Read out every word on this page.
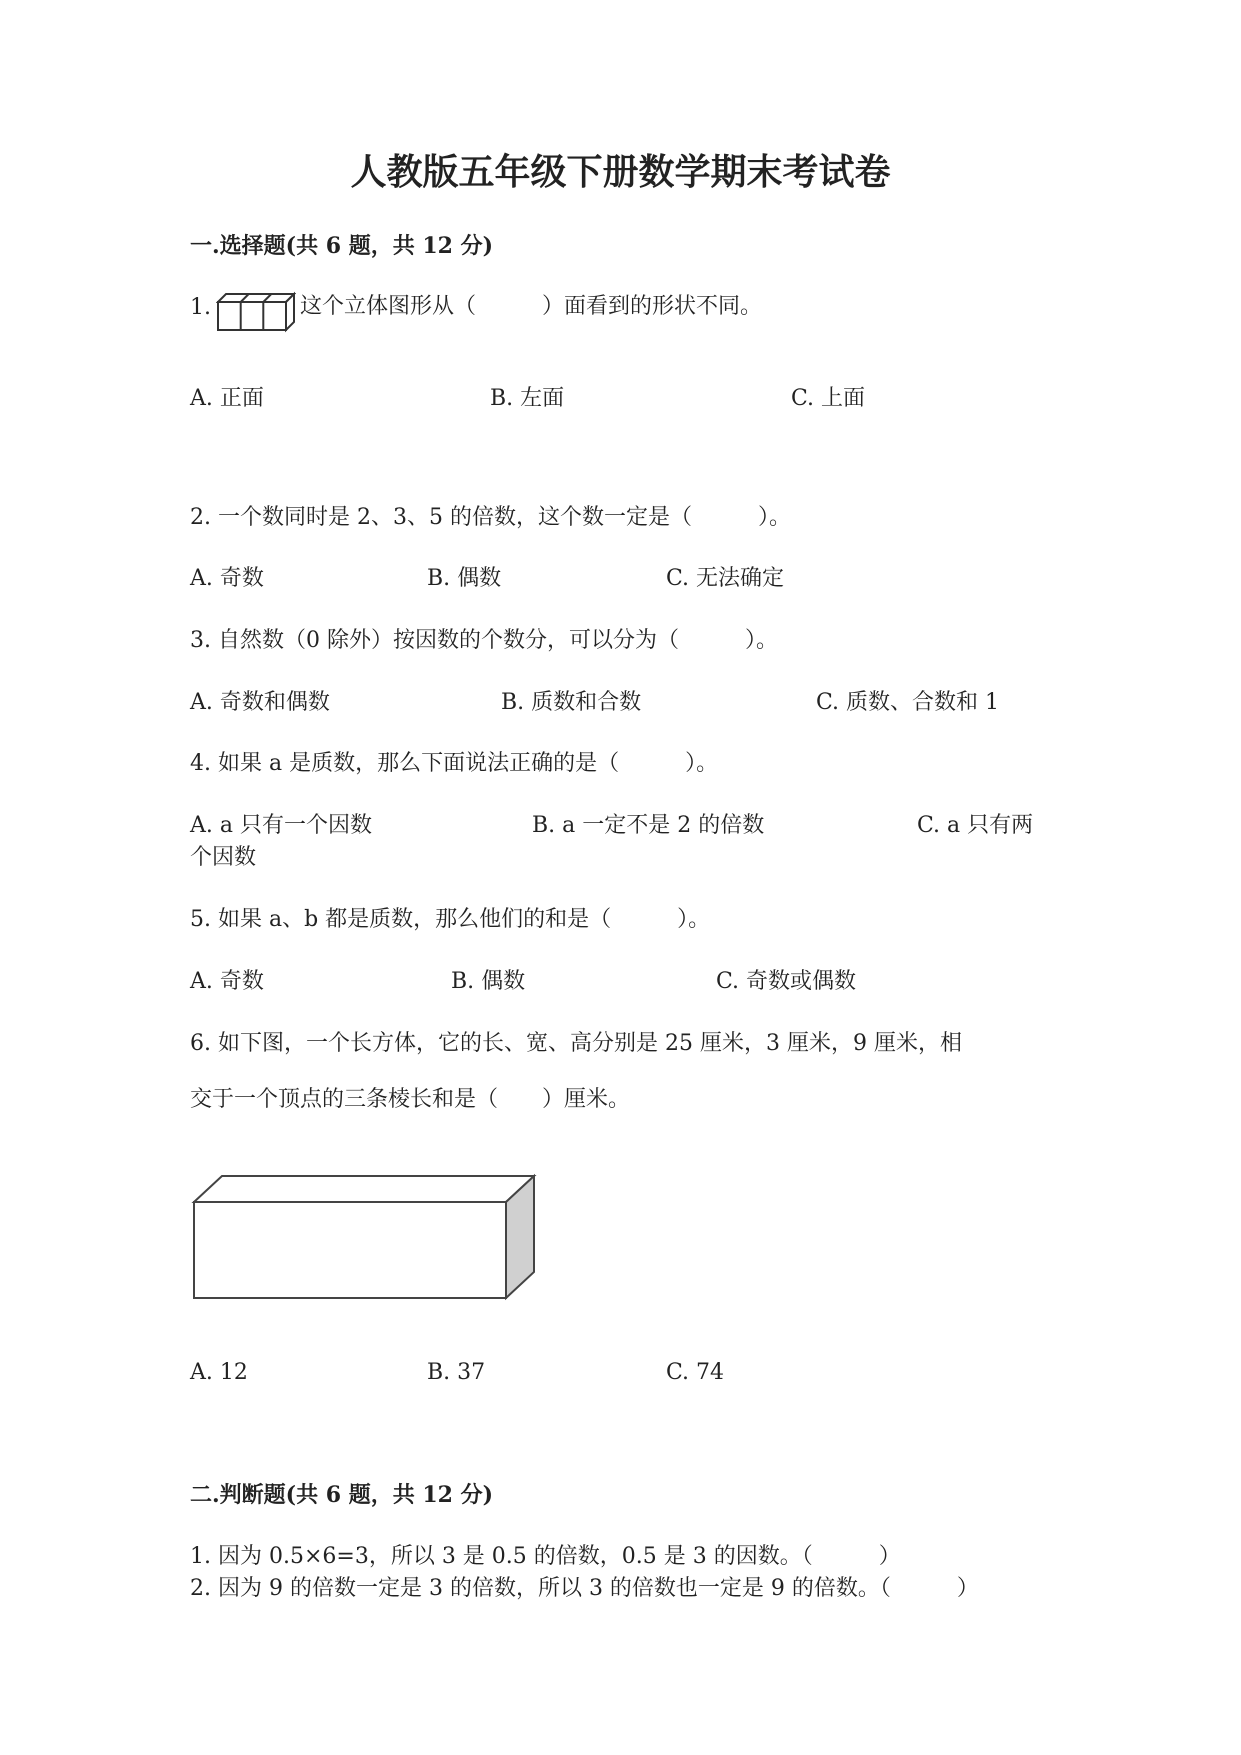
人教版五年级下册数学期末考试卷
一.选择题(共 6 题，共 12 分)
1.	这个立体图形从（　　　）面看到的形状不同。
A. 正面	B. 左面	C. 上面
2. 一个数同时是 2、3、5 的倍数，这个数一定是（　　　）。
A. 奇数	B. 偶数	C. 无法确定
3. 自然数（0 除外）按因数的个数分，可以分为（　　　）。
A. 奇数和偶数	B. 质数和合数	C. 质数、合数和 1
4. 如果 a 是质数，那么下面说法正确的是（　　　）。
A. a 只有一个因数	B. a 一定不是 2 的倍数	C. a 只有两
个因数
5. 如果 a、b 都是质数，那么他们的和是（　　　）。
A. 奇数	B. 偶数	C. 奇数或偶数
6. 如下图，一个长方体，它的长、宽、高分别是 25 厘米，3 厘米，9 厘米，相
交于一个顶点的三条棱长和是（　　）厘米。
A. 12	B. 37	C. 74
二.判断题(共 6 题，共 12 分)
1. 因为 0.5×6=3，所以 3 是 0.5 的倍数，0.5 是 3 的因数。（　　　）
2. 因为 9 的倍数一定是 3 的倍数，所以 3 的倍数也一定是 9 的倍数。（　　　）
